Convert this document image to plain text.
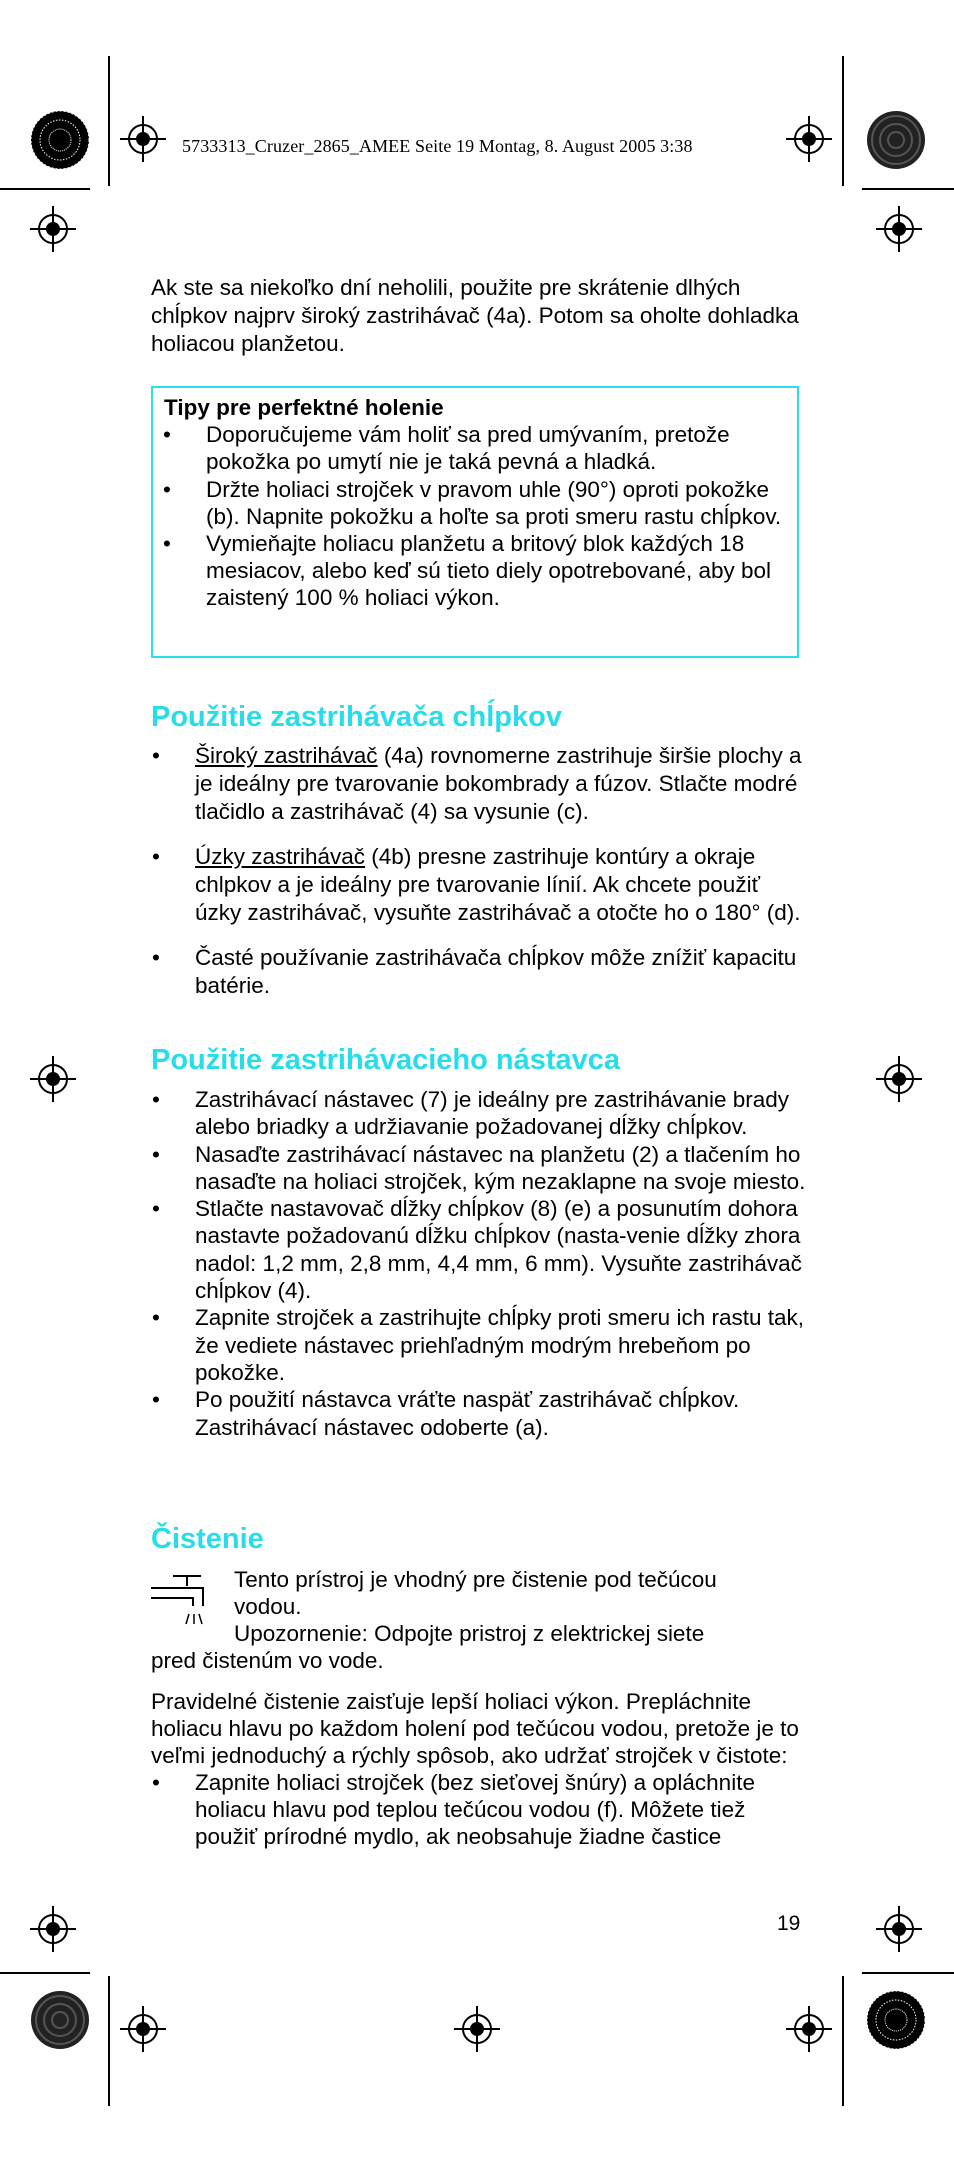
5733313_Cruzer_2865_AMEE Seite 19 Montag, 8. August 2005 3:38

Ak ste sa niekoľko dní neholili, použite pre skrátenie dlhých chĺpkov najprv široký zastrihávač (4a). Potom sa oholte dohladka holiacou planžetou.

Tipy pre perfektné holenie
• Doporučujeme vám holiť sa pred umývaním, pretože pokožka po umytí nie je taká pevná a hladká.
• Držte holiaci strojček v pravom uhle (90°) oproti pokožke (b). Napnite pokožku a hoľte sa proti smeru rastu chĺpkov.
• Vymieňajte holiacu planžetu a britový blok každých 18 mesiacov, alebo keď sú tieto diely opotrebované, aby bol zaistený 100 % holiaci výkon.
Použitie zastrihávača chĺpkov
• Široký zastrihávač (4a) rovnomerne zastrihuje širšie plochy a je ideálny pre tvarovanie bokombrady a fúzov. Stlačte modré tlačidlo a zastrihávač (4) sa vysunie (c).
• Úzky zastrihávač (4b) presne zastrihuje kontúry a okraje chlpkov a je ideálny pre tvarovanie línií. Ak chcete použiť úzky zastrihávač, vysuňte zastrihávač a otočte ho o 180° (d).
• Časté používanie zastrihávača chĺpkov môže znížiť kapacitu batérie.
Použitie zastrihávacieho nástavca
• Zastrihávací nástavec (7) je ideálny pre zastrihávanie brady alebo briadky a udržiavanie požadovanej dĺžky chĺpkov.
• Nasaďte zastrihávací nástavec na planžetu (2) a tlačením ho nasaďte na holiaci strojček, kým nezaklapne na svoje miesto.
• Stlačte nastavovač dĺžky chĺpkov (8) (e) a posunutím dohora nastavte požadovanú dĺžku chĺpkov (nasta-venie dĺžky zhora nadol: 1,2 mm, 2,8 mm, 4,4 mm, 6 mm). Vysuňte zastrihávač chĺpkov (4).
• Zapnite strojček a zastrihujte chĺpky proti smeru ich rastu tak, že vediete nástavec priehľadným modrým hrebeňom po pokožke.
• Po použití nástavca vráťte naspäť zastrihávač chĺpkov. Zastrihávací nástavec odoberte (a).
Čistenie
Tento prístroj je vhodný pre čistenie pod tečúcou
vodou.
Upozornenie: Odpojte pristroj z elektrickej siete
pred čistenúm vo vode.

Pravidelné čistenie zaisťuje lepší holiaci výkon. Prepláchnite holiacu hlavu po každom holení pod tečúcou vodou, pretože je to veľmi jednoduchý a rýchly spôsob, ako udržať strojček v čistote:

• Zapnite holiaci strojček (bez sieťovej šnúry) a opláchnite holiacu hlavu pod teplou tečúcou vodou (f). Môžete tiež použiť prírodné mydlo, ak neobsahuje žiadne častice
19
